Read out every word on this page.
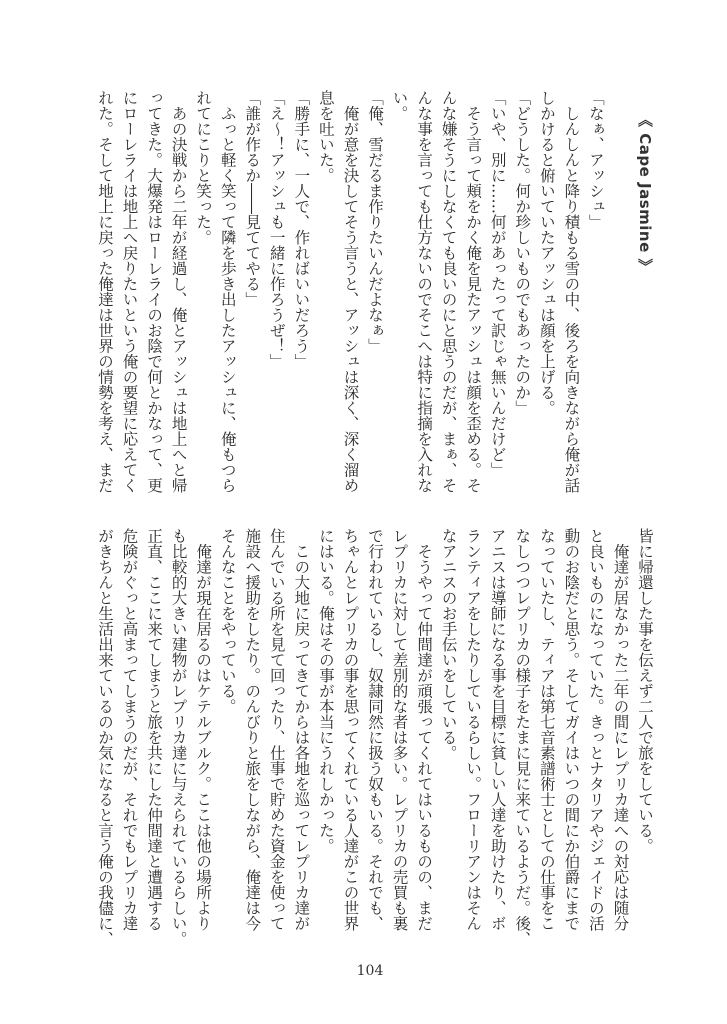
《 Cape Jasmine 》
「なぁ、アッシュ」
　しんしんと降り積もる雪の中、後ろを向きながら俺が話
しかけると俯いていたアッシュは顔を上げる。
「どうした。何か珍しいものでもあったのか」
「いや、別に……何があったって訳じゃ無いんだけど」
　そう言って頬をかく俺を見たアッシュは顔を歪める。そ
んな嫌そうにしなくても良いのにと思うのだが、まぁ、そ
んな事を言っても仕方ないのでそこへは特に指摘を入れな
い。
「俺、雪だるま作りたいんだよなぁ」
　俺が意を決してそう言うと、アッシュは深く、深く溜め
息を吐いた。
「勝手に、一人で、作ればいいだろう」
「え～！アッシュも一緒に作ろうぜ！」
「誰が作るか――見ててやる」
　ふっと軽く笑って隣を歩き出したアッシュに、俺もつら
れてにこりと笑った。
　あの決戦から二年が経過し、俺とアッシュは地上へと帰
ってきた。大爆発はローレライのお陰で何とかなって、更
にローレライは地上へ戻りたいという俺の要望に応えてく
れた。そして地上に戻った俺達は世界の情勢を考え、まだ
皆に帰還した事を伝えず二人で旅をしている。
　俺達が居なかった二年の間にレプリカ達への対応は随分
と良いものになっていた。きっとナタリアやジェイドの活
動のお陰だと思う。そしてガイはいつの間にか伯爵にまで
なっていたし、ティアは第七音素譜術士としての仕事をこ
なしつつレプリカの様子をたまに見に来ているようだ。後、
アニスは導師になる事を目標に貧しい人達を助けたり、ボ
ランティアをしたりしているらしい。フローリアンはそん
なアニスのお手伝いをしている。
　そうやって仲間達が頑張ってくれてはいるものの、まだ
レプリカに対して差別的な者は多い。レプリカの売買も裏
で行われているし、奴隷同然に扱う奴もいる。それでも、
ちゃんとレプリカの事を思ってくれている人達がこの世界
にはいる。俺はその事が本当にうれしかった。
　この大地に戻ってきてからは各地を巡ってレプリカ達が
住んでいる所を見て回ったり、仕事で貯めた資金を使って
施設へ援助をしたり。のんびりと旅をしながら、俺達は今
そんなことをやっている。
　俺達が現在居るのはケテルブルク。ここは他の場所より
も比較的大きい建物がレプリカ達に与えられているらしい。
正直、ここに来てしまうと旅を共にした仲間達と遭遇する
危険がぐっと高まってしまうのだが、それでもレプリカ達
がきちんと生活出来ているのか気になると言う俺の我儘に、
104
